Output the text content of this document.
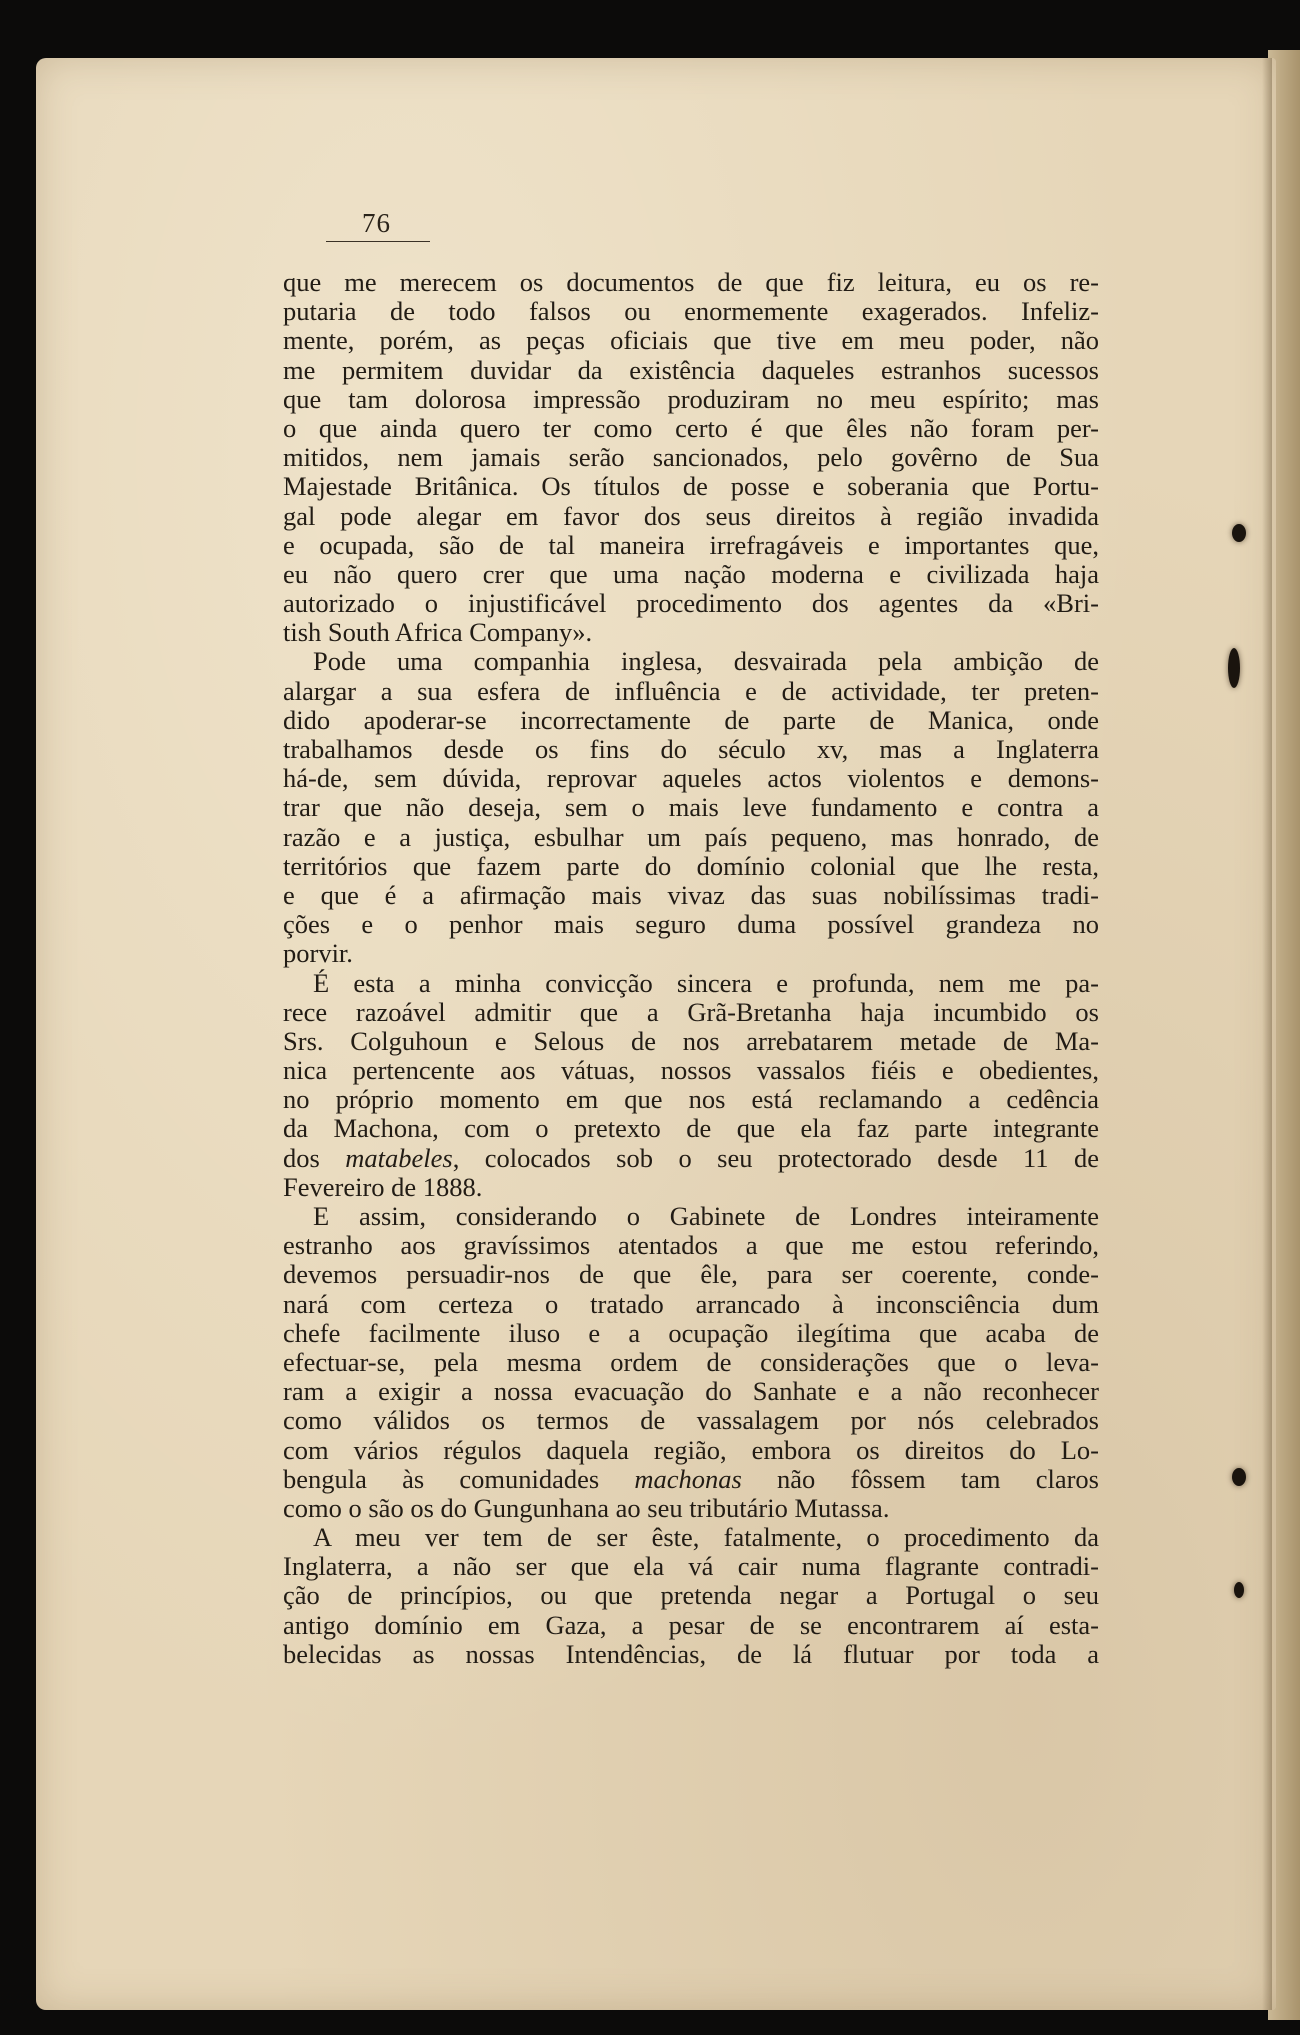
76
que me merecem os documentos de que fiz leitura, eu os re-
putaria de todo falsos ou enormemente exagerados. Infeliz-
mente, porém, as peças oficiais que tive em meu poder, não
me permitem duvidar da existência daqueles estranhos sucessos
que tam dolorosa impressão produziram no meu espírito; mas
o que ainda quero ter como certo é que êles não foram per-
mitidos, nem jamais serão sancionados, pelo govêrno de Sua
Majestade Britânica. Os títulos de posse e soberania que Portu-
gal pode alegar em favor dos seus direitos à região invadida
e ocupada, são de tal maneira irrefragáveis e importantes que,
eu não quero crer que uma nação moderna e civilizada haja
autorizado o injustificável procedimento dos agentes da «Bri-
tish South Africa Company».
Pode uma companhia inglesa, desvairada pela ambição de
alargar a sua esfera de influência e de actividade, ter preten-
dido apoderar-se incorrectamente de parte de Manica, onde
trabalhamos desde os fins do século xv, mas a Inglaterra
há-de, sem dúvida, reprovar aqueles actos violentos e demons-
trar que não deseja, sem o mais leve fundamento e contra a
razão e a justiça, esbulhar um país pequeno, mas honrado, de
territórios que fazem parte do domínio colonial que lhe resta,
e que é a afirmação mais vivaz das suas nobilíssimas tradi-
ções e o penhor mais seguro duma possível grandeza no
porvir.
É esta a minha convicção sincera e profunda, nem me pa-
rece razoável admitir que a Grã-Bretanha haja incumbido os
Srs. Colguhoun e Selous de nos arrebatarem metade de Ma-
nica pertencente aos vátuas, nossos vassalos fiéis e obedientes,
no próprio momento em que nos está reclamando a cedência
da Machona, com o pretexto de que ela faz parte integrante
dos matabeles, colocados sob o seu protectorado desde 11 de
Fevereiro de 1888.
E assim, considerando o Gabinete de Londres inteiramente
estranho aos gravíssimos atentados a que me estou referindo,
devemos persuadir-nos de que êle, para ser coerente, conde-
nará com certeza o tratado arrancado à inconsciência dum
chefe facilmente iluso e a ocupação ilegítima que acaba de
efectuar-se, pela mesma ordem de considerações que o leva-
ram a exigir a nossa evacuação do Sanhate e a não reconhecer
como válidos os termos de vassalagem por nós celebrados
com vários régulos daquela região, embora os direitos do Lo-
bengula às comunidades machonas não fôssem tam claros
como o são os do Gungunhana ao seu tributário Mutassa.
A meu ver tem de ser êste, fatalmente, o procedimento da
Inglaterra, a não ser que ela vá cair numa flagrante contradi-
ção de princípios, ou que pretenda negar a Portugal o seu
antigo domínio em Gaza, a pesar de se encontrarem aí esta-
belecidas as nossas Intendências, de lá flutuar por toda a
